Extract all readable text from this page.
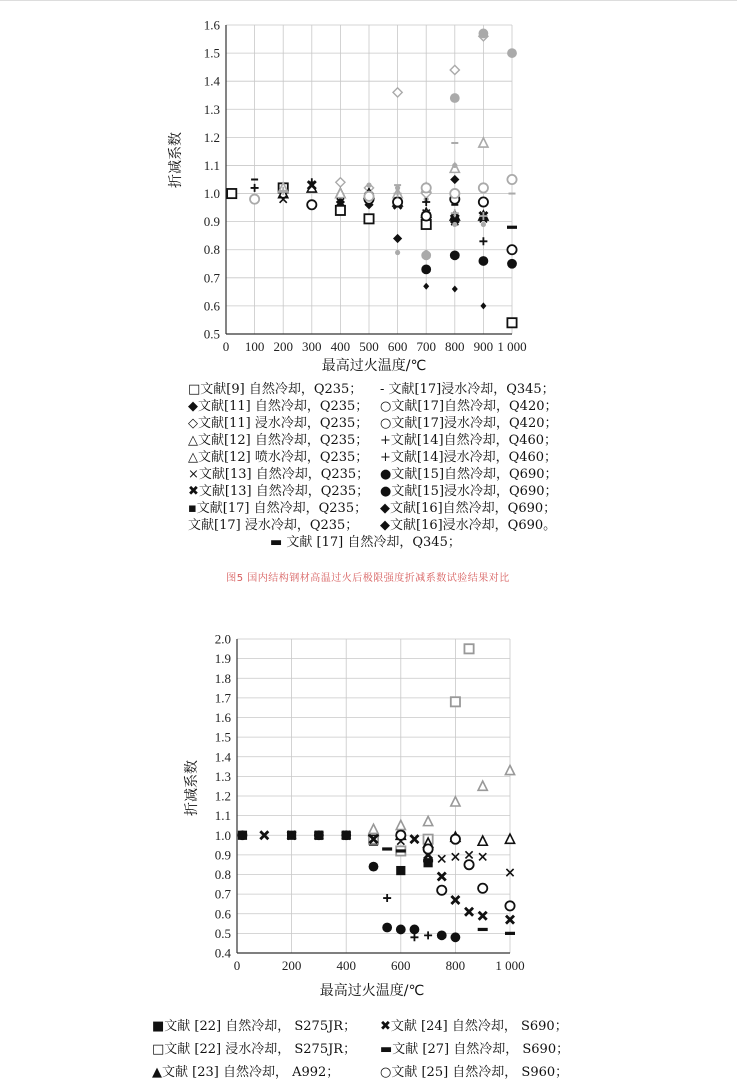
0.5
0.6
0.7
0.8
0.9
1.0
1.1
1.2
1.3
1.4
1.5
1.6
0 100 200 300 400 500 600 700 800 900 1 000
最高过火温度/℃
折减系数
□文献[9] 自然冷却，Q235； - 文献[17]浸水冷却，Q345；
◆文献[11] 自然冷却，Q235； ○文献[17]自然冷却，Q420；
◇文献[11] 浸水冷却，Q235； ○文献[17]浸水冷却，Q420；
△文献[12] 自然冷却，Q235； +文献[14]自然冷却，Q460；
△文献[12] 喷水冷却，Q235； +文献[14]浸水冷却，Q460；
×文献[13] 自然冷却，Q235； ●文献[15]自然冷却，Q690；
✖文献[13] 自然冷却，Q235； ●文献[15]浸水冷却，Q690；
▪文献[17] 自然冷却，Q235； ◆文献[16]自然冷却，Q690；
文献[17] 浸水冷却，Q235； ◆文献[16]浸水冷却，Q690。
▬ 文献 [17] 自然冷却，Q345；
图5 国内结构钢材高温过火后极限强度折减系数试验结果对比
0.4
0.5
0.6
0.7
0.8
0.9
1.0
1.1
1.2
1.3
1.4
1.5
1.6
1.7
1.8
1.9
2.0
0	200	400	600	800 1 000
最高过火温度/℃
折减系数
■文献 [22] 自然冷却， S275JR； ✖文献 [24] 自然冷却， S690；
□文献 [22] 浸水冷却， S275JR； ▬文献 [27] 自然冷却， S690；
▲文献 [23] 自然冷却， A992；	○文献 [25] 自然冷却， S960；
